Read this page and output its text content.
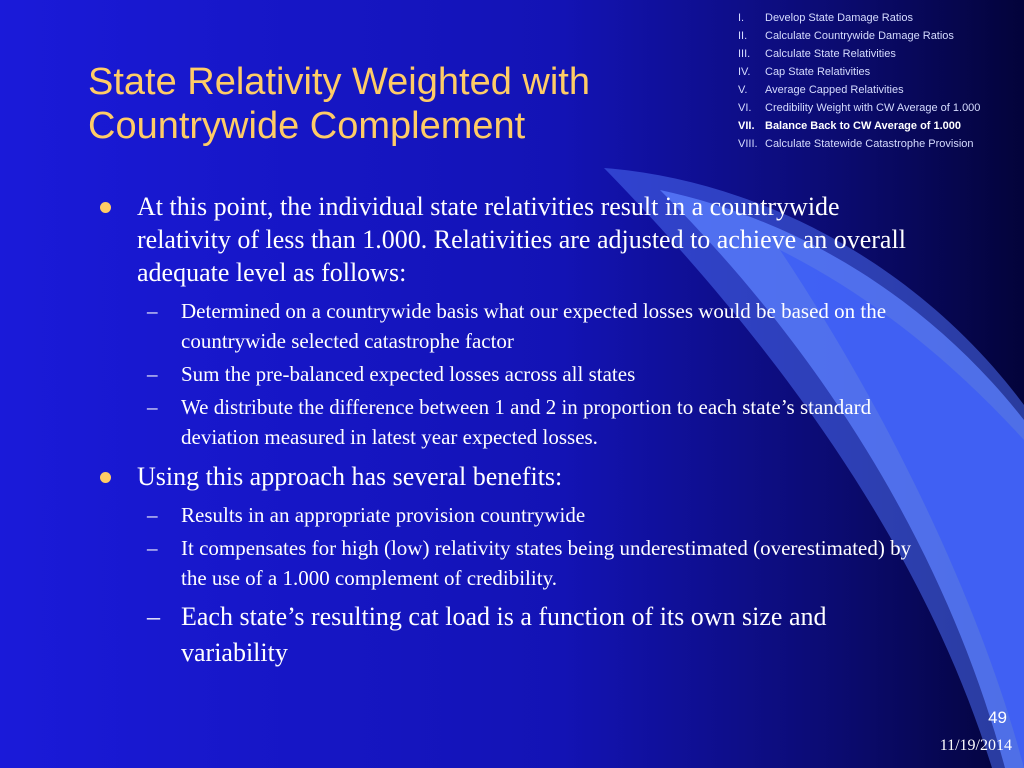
State Relativity Weighted with
Countrywide Complement
I. Develop State Damage Ratios
II. Calculate Countrywide Damage Ratios
III. Calculate State Relativities
IV. Cap State Relativities
V. Average Capped Relativities
VI. Credibility Weight with CW Average of 1.000
VII. Balance Back to CW Average of 1.000
VIII. Calculate Statewide Catastrophe Provision
At this point, the individual state relativities result in a countrywide relativity of less than 1.000. Relativities are adjusted to achieve an overall adequate level as follows:
– Determined on a countrywide basis what our expected losses would be based on the countrywide selected catastrophe factor
– Sum the pre-balanced expected losses across all states
– We distribute the difference between 1 and 2 in proportion to each state’s standard deviation measured in latest year expected losses.
Using this approach has several benefits:
– Results in an appropriate provision countrywide
– It compensates for high (low) relativity states being underestimated (overestimated) by the use of a 1.000 complement of credibility.
– Each state’s resulting cat load is a function of its own size and variability
49
11/19/2014
